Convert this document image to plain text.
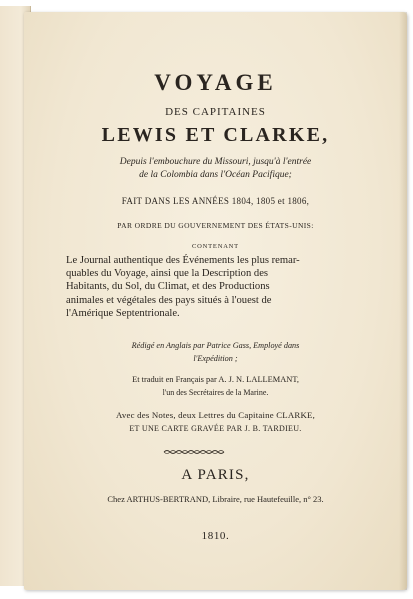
VOYAGE
DES CAPITAINES
LEWIS ET CLARKE,
Depuis l'embouchure du Missouri, jusqu'à l'entrée
de la Colombia dans l'Océan Pacifique;
FAIT DANS LES ANNÉES 1804, 1805 et 1806,
PAR ORDRE DU GOUVERNEMENT DES ÉTATS-UNIS:
CONTENANT
Le Journal authentique des Événements les plus remar-
quables du Voyage, ainsi que la Description des
Habitants, du Sol, du Climat, et des Productions
animales et végétales des pays situés à l'ouest de
l'Amérique Septentrionale.
Rédigé en Anglais par Patrice Gass, Employé dans
l'Expédition ;
Et traduit en Français par A. J. N. LALLEMANT,
l'un des Secrétaires de la Marine.
Avec des Notes, deux Lettres du Capitaine CLARKE,
ET UNE CARTE GRAVÉE PAR J. B. TARDIEU.
A PARIS,
Chez ARTHUS-BERTRAND, Libraire, rue Hautefeuille, n° 23.
1810.
